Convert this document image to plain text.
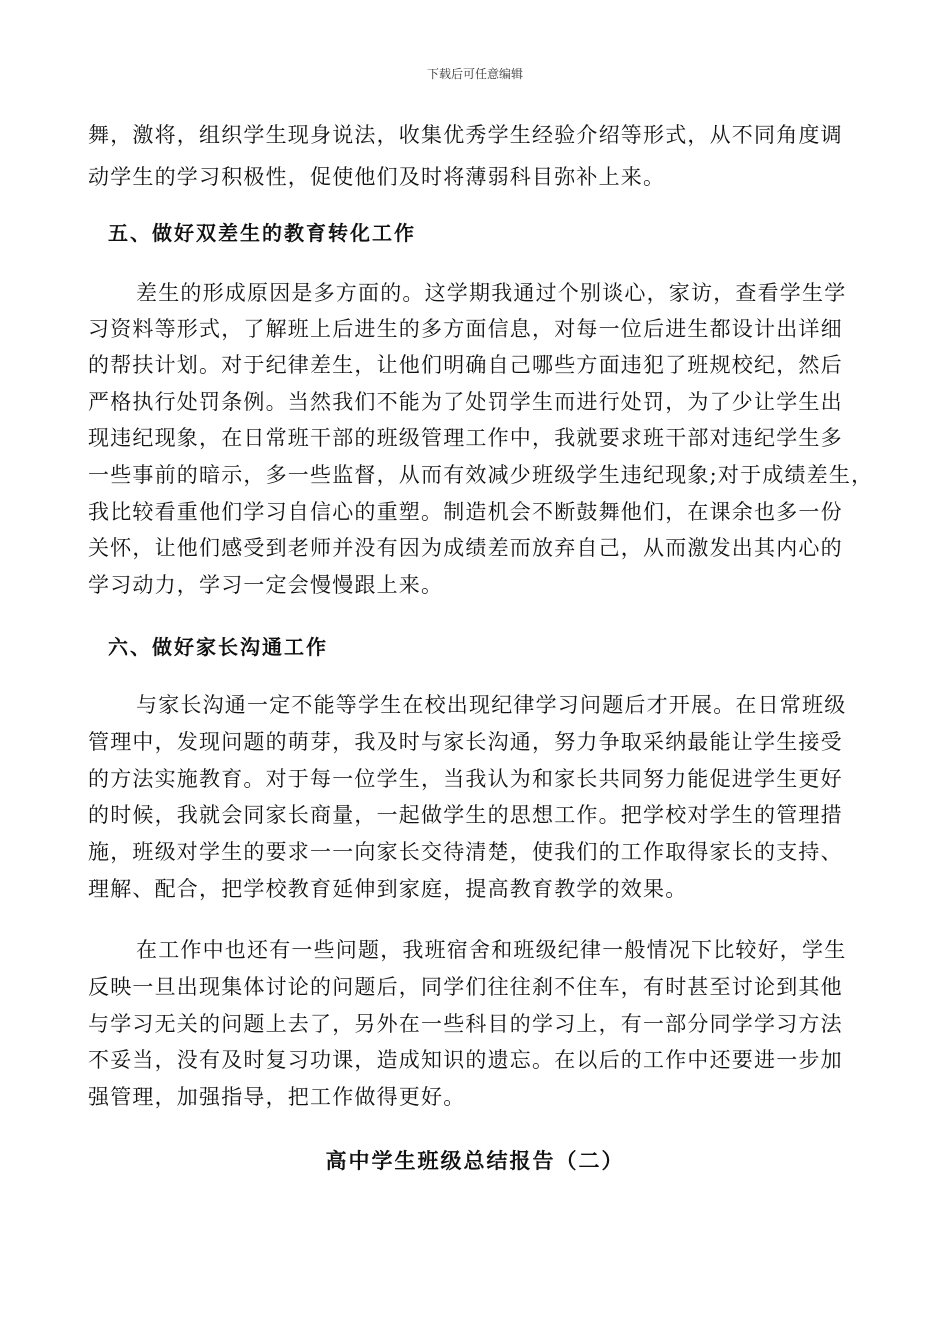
下载后可任意编辑
舞，激将，组织学生现身说法，收集优秀学生经验介绍等形式，从不同角度调
动学生的学习积极性，促使他们及时将薄弱科目弥补上来。
五、做好双差生的教育转化工作
差生的形成原因是多方面的。这学期我通过个别谈心，家访，查看学生学
习资料等形式，了解班上后进生的多方面信息，对每一位后进生都设计出详细
的帮扶计划。对于纪律差生，让他们明确自己哪些方面违犯了班规校纪，然后
严格执行处罚条例。当然我们不能为了处罚学生而进行处罚，为了少让学生出
现违纪现象，在日常班干部的班级管理工作中，我就要求班干部对违纪学生多
一些事前的暗示，多一些监督，从而有效减少班级学生违纪现象;对于成绩差生，
我比较看重他们学习自信心的重塑。制造机会不断鼓舞他们，在课余也多一份
关怀，让他们感受到老师并没有因为成绩差而放弃自己，从而激发出其内心的
学习动力，学习一定会慢慢跟上来。
六、做好家长沟通工作
与家长沟通一定不能等学生在校出现纪律学习问题后才开展。在日常班级
管理中，发现问题的萌芽，我及时与家长沟通，努力争取采纳最能让学生接受
的方法实施教育。对于每一位学生，当我认为和家长共同努力能促进学生更好
的时候，我就会同家长商量，一起做学生的思想工作。把学校对学生的管理措
施，班级对学生的要求一一向家长交待清楚，使我们的工作取得家长的支持、
理解、配合，把学校教育延伸到家庭，提高教育教学的效果。
在工作中也还有一些问题，我班宿舍和班级纪律一般情况下比较好，学生
反映一旦出现集体讨论的问题后，同学们往往刹不住车，有时甚至讨论到其他
与学习无关的问题上去了，另外在一些科目的学习上，有一部分同学学习方法
不妥当，没有及时复习功课，造成知识的遗忘。在以后的工作中还要进一步加
强管理，加强指导，把工作做得更好。
高中学生班级总结报告（二）
